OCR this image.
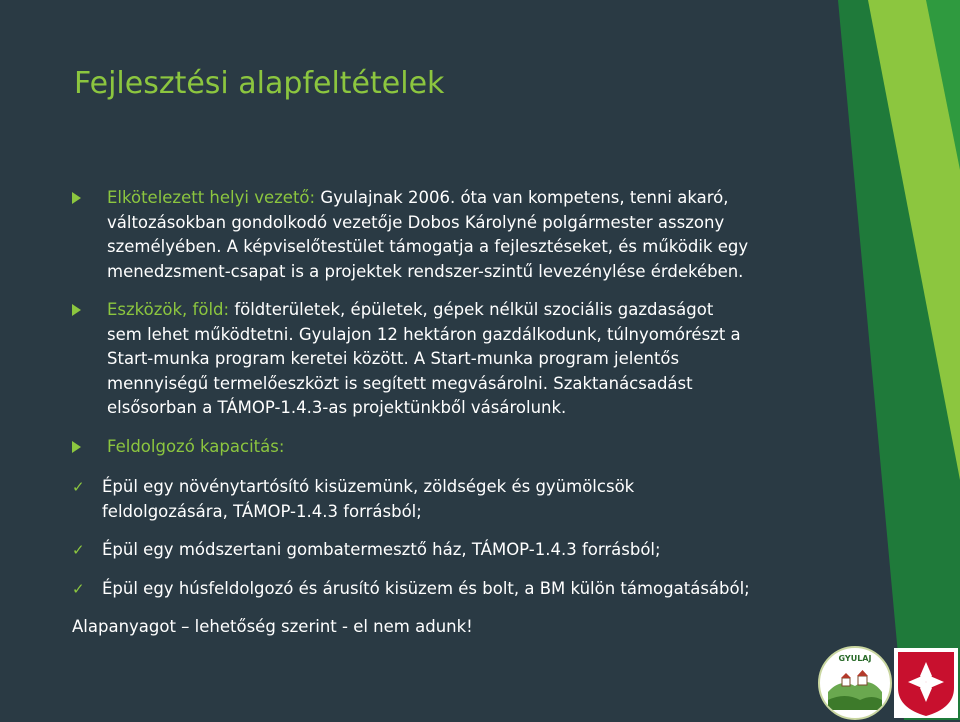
Fejlesztési alapfeltételek
Elkötelezett helyi vezető: Gyulajnak 2006. óta van kompetens, tenni akaró, változásokban gondolkodó vezetője Dobos Károlyné polgármester asszony személyében. A képviselőtestület támogatja a fejlesztéseket, és működik egy menedzsment-csapat is a projektek rendszer-szintű levezénylése érdekében.
Eszközök, föld: földterületek, épületek, gépek nélkül szociális gazdaságot sem lehet működtetni. Gyulajon 12 hektáron gazdálkodunk, túlnyomórészt a Start-munka program keretei között. A Start-munka program jelentős mennyiségű termelőeszközt is segített megvásárolni. Szaktanácsadást elsősorban a TÁMOP-1.4.3-as projektünkből vásárolunk.
Feldolgozó kapacitás:
✓ Épül egy növénytartósító kisüzemünk, zöldségek és gyümölcsök feldolgozására, TÁMOP-1.4.3 forrásból;
✓ Épül egy módszertani gombatermesztő ház, TÁMOP-1.4.3 forrásból;
✓ Épül egy húsfeldolgozó és árusító kisüzem és bolt, a BM külön támogatásából;
Alapanyagot – lehetőség szerint - el nem adunk!
GYULAJ
